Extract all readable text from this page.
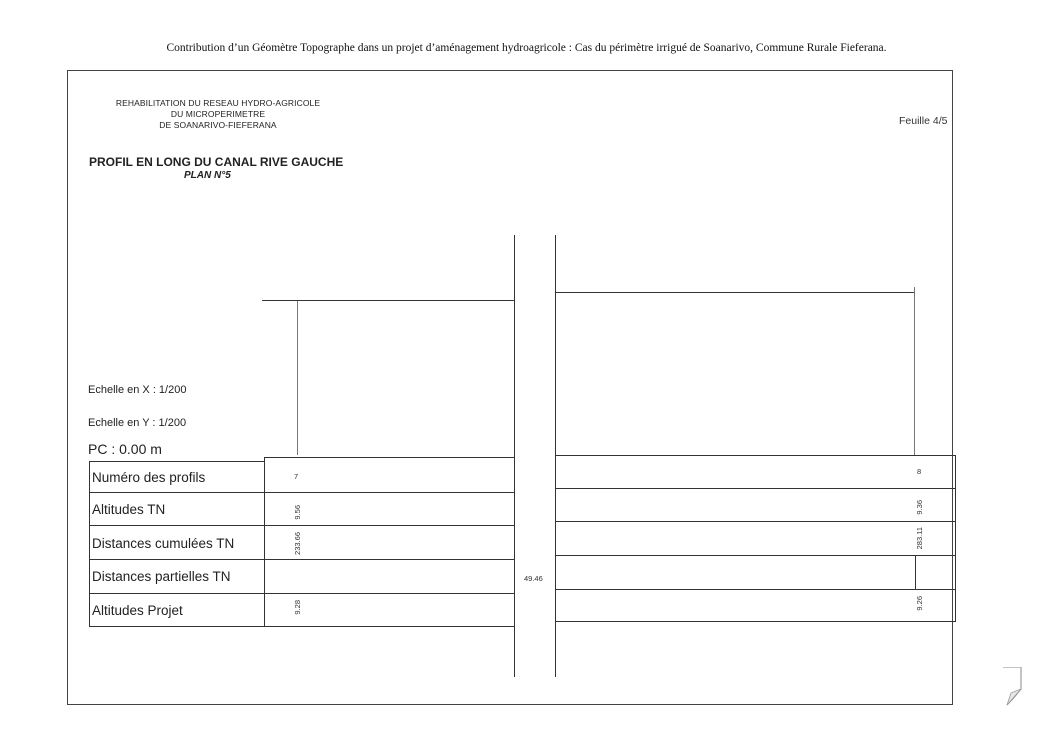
Contribution d’un Géomètre Topographe dans un projet d’aménagement hydroagricole : Cas du périmètre irrigué de Soanarivo, Commune Rurale Fieferana.
REHABILITATION DU RESEAU HYDRO-AGRICOLE
DU MICROPERIMETRE
DE SOANARIVO-FIEFERANA
PROFIL EN LONG DU CANAL RIVE GAUCHE
PLAN N°5
Feuille 4/5
Echelle en X : 1/200
Echelle en Y : 1/200
PC : 0.00 m
Numéro des profils
Altitudes TN
Distances cumulées TN
Distances partielles TN
Altitudes Projet
7
9.56
233.66
9.28
8
9.36
283.11
9.26
49.46
